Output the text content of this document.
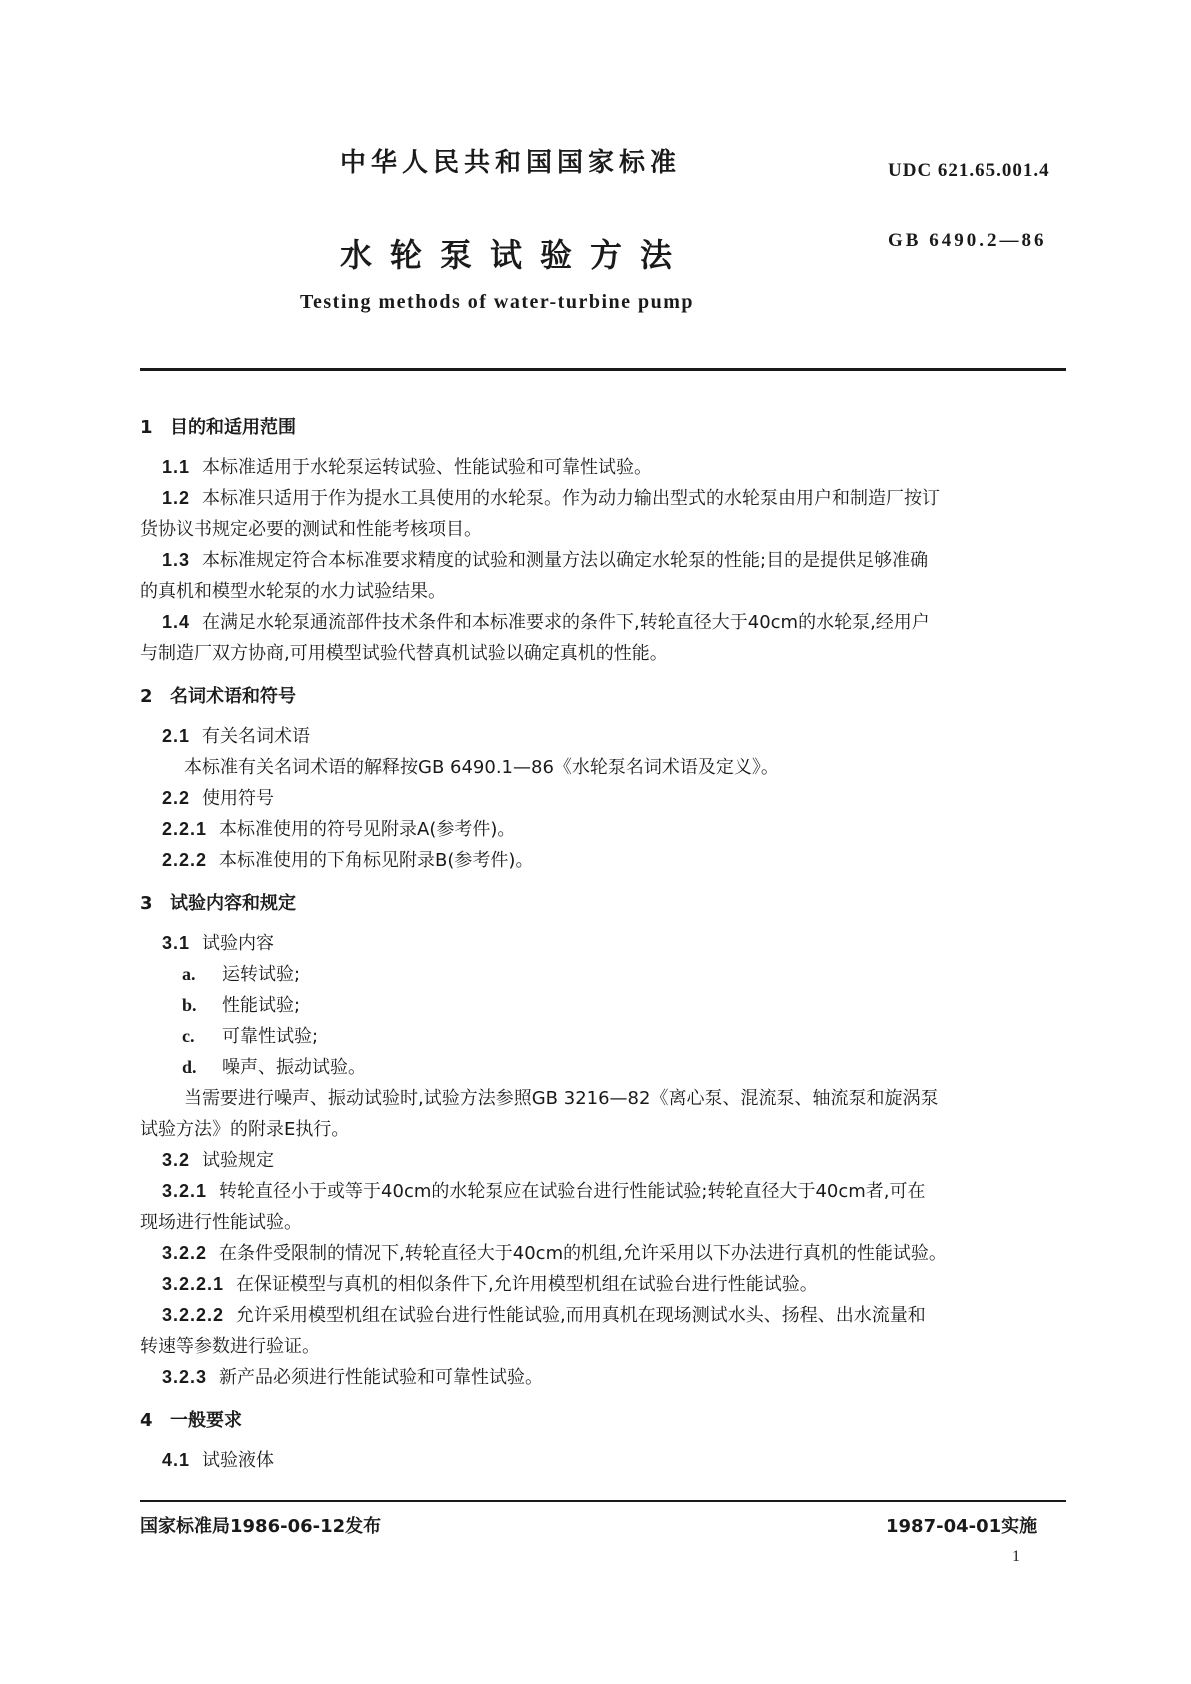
中华人民共和国国家标准	UDC 621.65.001.4
水轮泵试验方法	GB 6490.2—86
Testing methods of water-turbine pump

1 目的和适用范围

1.1 本标准适用于水轮泵运转试验、性能试验和可靠性试验。

1.2 本标准只适用于作为提水工具使用的水轮泵。作为动力输出型式的水轮泵由用户和制造厂按订

货协议书规定必要的测试和性能考核项目。

1.3 本标准规定符合本标准要求精度的试验和测量方法以确定水轮泵的性能;目的是提供足够准确

的真机和模型水轮泵的水力试验结果。

1.4 在满足水轮泵通流部件技术条件和本标准要求的条件下,转轮直径大于40cm的水轮泵,经用户

与制造厂双方协商,可用模型试验代替真机试验以确定真机的性能。

2 名词术语和符号

2.1 有关名词术语

本标准有关名词术语的解释按GB 6490.1—86《水轮泵名词术语及定义》。

2.2 使用符号

2.2.1 本标准使用的符号见附录A(参考件)。

2.2.2 本标准使用的下角标见附录B(参考件)。

3 试验内容和规定

3.1 试验内容

a. 运转试验;

b. 性能试验;

c. 可靠性试验;

d. 噪声、振动试验。

当需要进行噪声、振动试验时,试验方法参照GB 3216—82《离心泵、混流泵、轴流泵和旋涡泵

试验方法》的附录E执行。

3.2 试验规定

3.2.1 转轮直径小于或等于40cm的水轮泵应在试验台进行性能试验;转轮直径大于40cm者,可在

现场进行性能试验。

3.2.2 在条件受限制的情况下,转轮直径大于40cm的机组,允许采用以下办法进行真机的性能试验。

3.2.2.1 在保证模型与真机的相似条件下,允许用模型机组在试验台进行性能试验。

3.2.2.2 允许采用模型机组在试验台进行性能试验,而用真机在现场测试水头、扬程、出水流量和

转速等参数进行验证。

3.2.3 新产品必须进行性能试验和可靠性试验。

4 一般要求

4.1 试验液体

国家标准局1986-06-12发布	1987-04-01实施
1
